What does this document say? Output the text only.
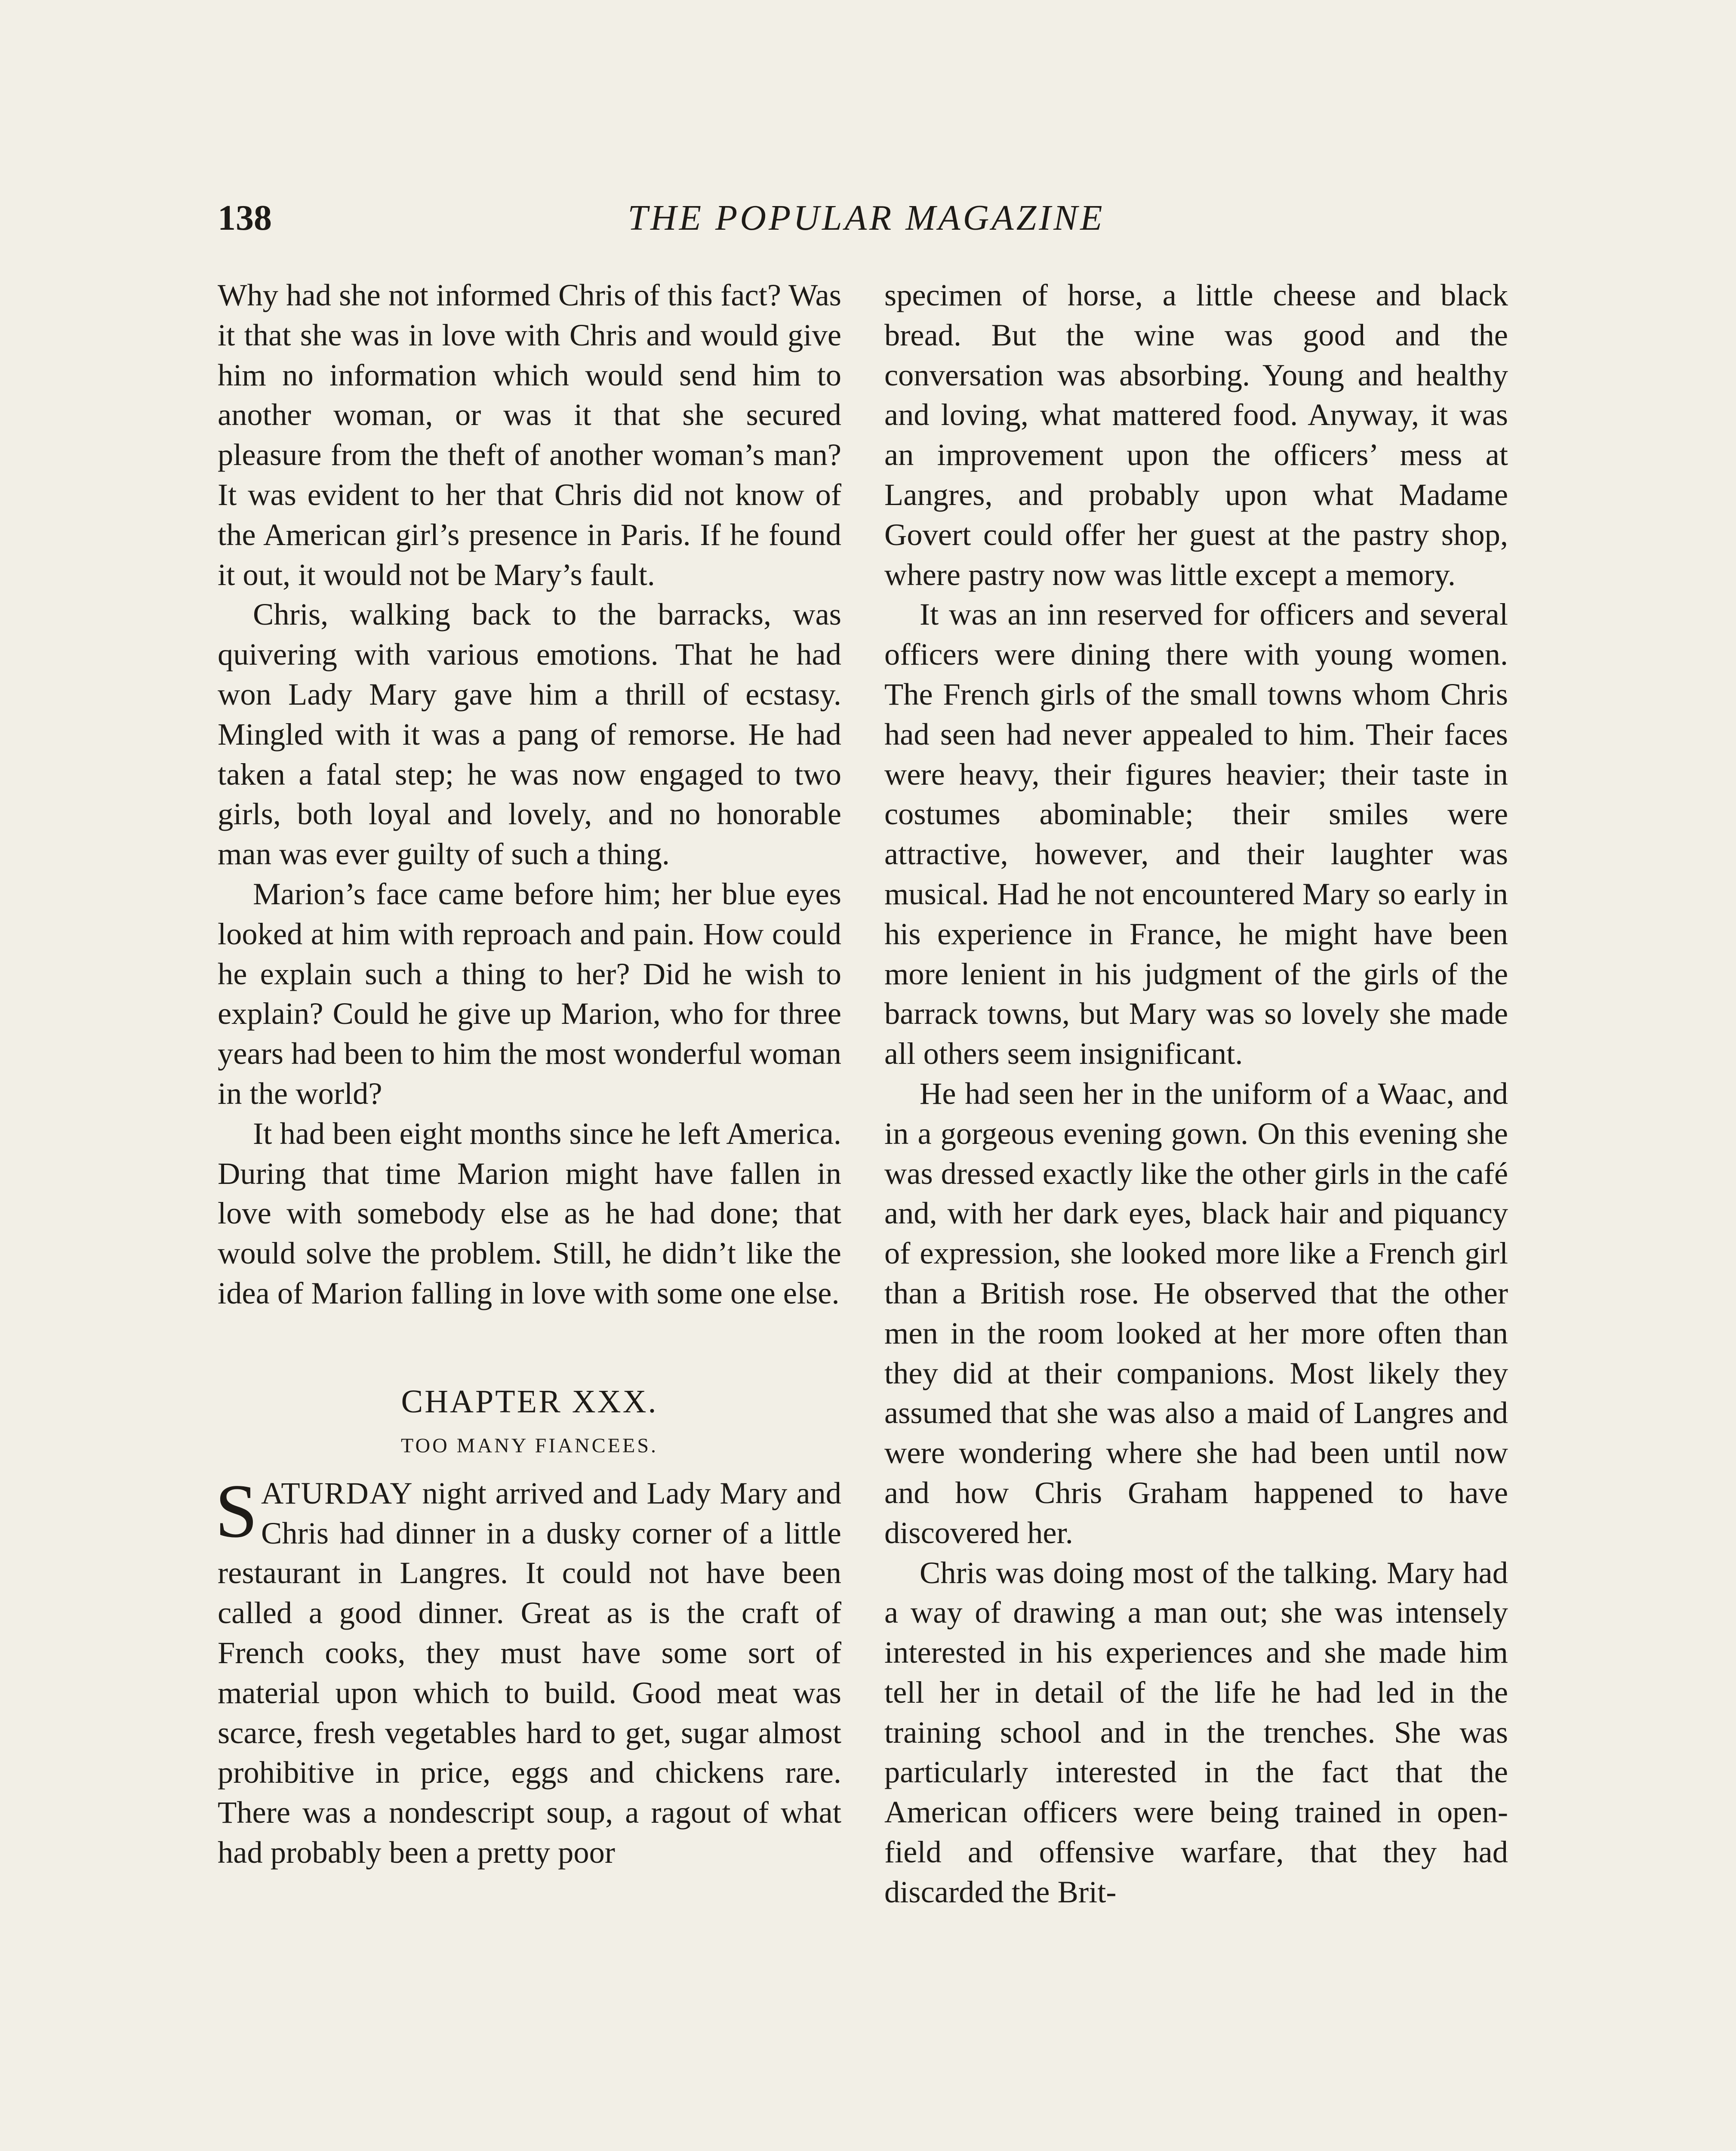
138	THE POPULAR MAGAZINE

Why had she not informed Chris of this fact? Was it that she was in love with Chris and would give him no information which would send him to another woman, or was it that she secured pleasure from the theft of another woman’s man? It was evident to her that Chris did not know of the American girl’s presence in Paris. If he found it out, it would not be Mary’s fault.

Chris, walking back to the barracks, was quivering with various emotions. That he had won Lady Mary gave him a thrill of ecstasy. Mingled with it was a pang of remorse. He had taken a fatal step; he was now engaged to two girls, both loyal and lovely, and no honorable man was ever guilty of such a thing.

Marion’s face came before him; her blue eyes looked at him with reproach and pain. How could he explain such a thing to her? Did he wish to explain? Could he give up Marion, who for three years had been to him the most wonderful woman in the world?

It had been eight months since he left America. During that time Marion might have fallen in love with somebody else as he had done; that would solve the problem. Still, he didn’t like the idea of Marion falling in love with some one else.

CHAPTER XXX.
TOO MANY FIANCEES.

SATURDAY night arrived and Lady Mary and Chris had dinner in a dusky corner of a little restaurant in Langres. It could not have been called a good dinner. Great as is the craft of French cooks, they must have some sort of material upon which to build. Good meat was scarce, fresh vegetables hard to get, sugar almost prohibitive in price, eggs and chickens rare. There was a nondescript soup, a ragout of what had probably been a pretty poor

specimen of horse, a little cheese and black bread. But the wine was good and the conversation was absorbing. Young and healthy and loving, what mattered food. Anyway, it was an improvement upon the officers’ mess at Langres, and probably upon what Madame Govert could offer her guest at the pastry shop, where pastry now was little except a memory.

It was an inn reserved for officers and several officers were dining there with young women. The French girls of the small towns whom Chris had seen had never appealed to him. Their faces were heavy, their figures heavier; their taste in costumes abominable; their smiles were attractive, however, and their laughter was musical. Had he not encountered Mary so early in his experience in France, he might have been more lenient in his judgment of the girls of the barrack towns, but Mary was so lovely she made all others seem insignificant.

He had seen her in the uniform of a Waac, and in a gorgeous evening gown. On this evening she was dressed exactly like the other girls in the café and, with her dark eyes, black hair and piquancy of expression, she looked more like a French girl than a British rose. He observed that the other men in the room looked at her more often than they did at their companions. Most likely they assumed that she was also a maid of Langres and were wondering where she had been until now and how Chris Graham happened to have discovered her.

Chris was doing most of the talking. Mary had a way of drawing a man out; she was intensely interested in his experiences and she made him tell her in detail of the life he had led in the training school and in the trenches. She was particularly interested in the fact that the American officers were being trained in open-field and offensive warfare, that they had discarded the Brit-
